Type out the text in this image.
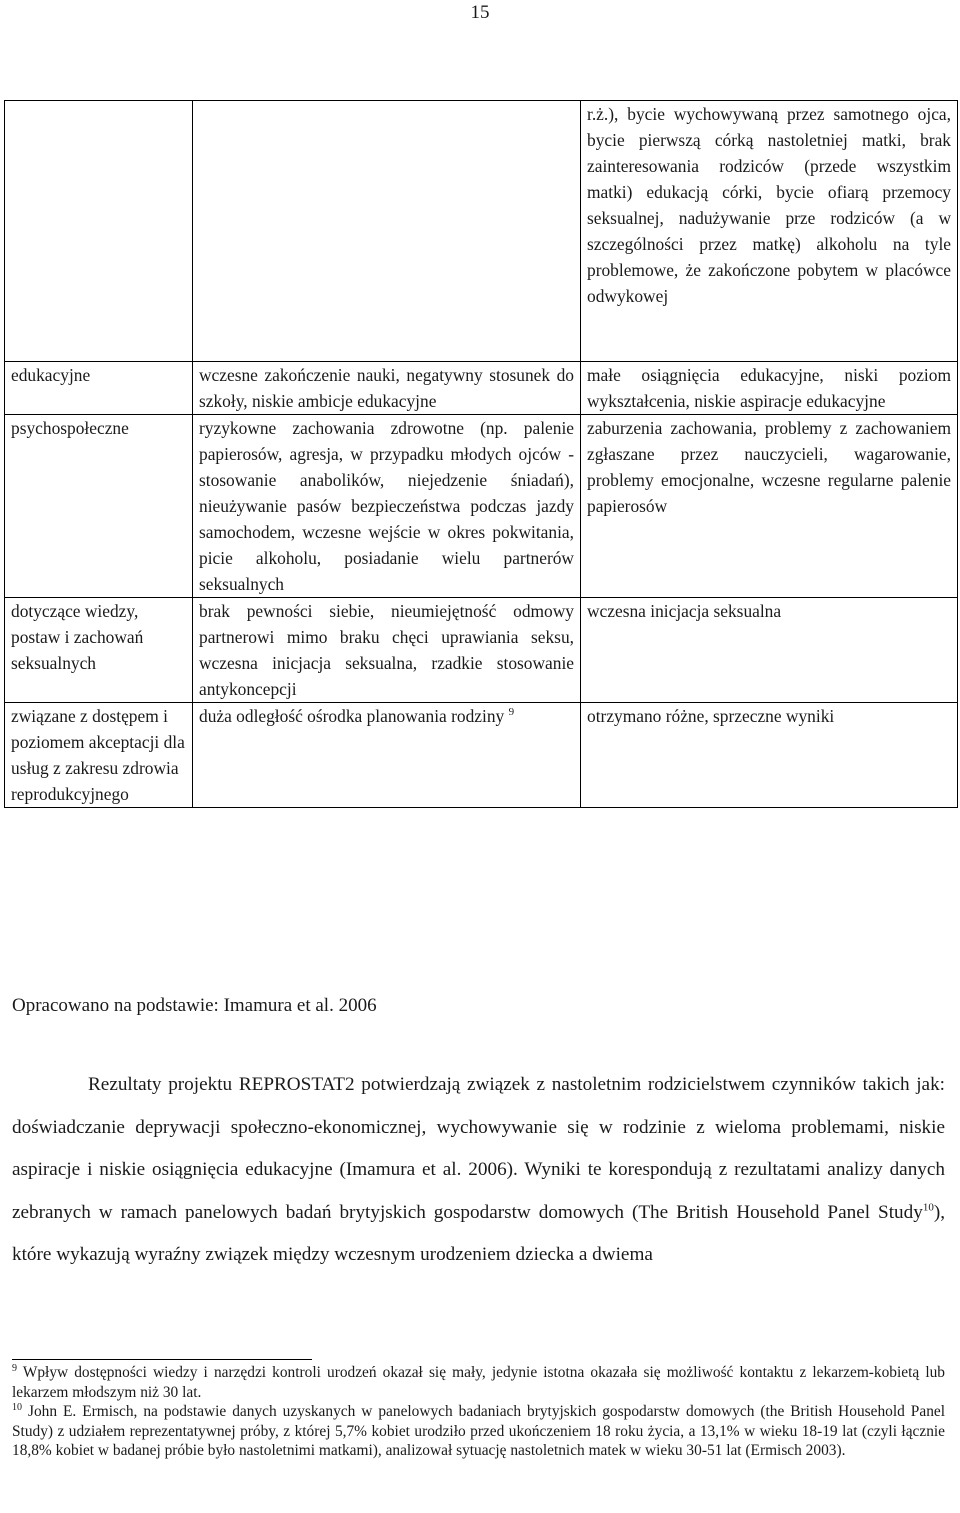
15
		r.ż.), bycie wychowywaną przez samotnego ojca, bycie pierwszą córką nastoletniej matki, brak zainteresowania rodziców (przede wszystkim matki) edukacją córki, bycie ofiarą przemocy seksualnej, nadużywanie prze rodziców (a w szczególności przez matkę) alkoholu na tyle problemowe, że zakończone pobytem w placówce odwykowej
edukacyjne	wczesne zakończenie nauki, negatywny stosunek do szkoły, niskie ambicje edukacyjne	małe osiągnięcia edukacyjne, niski poziom wykształcenia, niskie aspiracje edukacyjne
psychospołeczne	ryzykowne zachowania zdrowotne (np. palenie papierosów, agresja, w przypadku młodych ojców - stosowanie anabolików, niejedzenie śniadań), nieużywanie pasów bezpieczeństwa podczas jazdy samochodem, wczesne wejście w okres pokwitania, picie alkoholu, posiadanie wielu partnerów seksualnych	zaburzenia zachowania, problemy z zachowaniem zgłaszane przez nauczycieli, wagarowanie, problemy emocjonalne, wczesne regularne palenie papierosów
dotyczące wiedzy, postaw i zachowań seksualnych	brak pewności siebie, nieumiejętność odmowy partnerowi mimo braku chęci uprawiania seksu, wczesna inicjacja seksualna, rzadkie stosowanie antykoncepcji	wczesna inicjacja seksualna
związane z dostępem i poziomem akceptacji dla usług z zakresu zdrowia reprodukcyjnego	duża odległość ośrodka planowania rodziny $^9$	otrzymano różne, sprzeczne wyniki
Opracowano na podstawie: Imamura et al. 2006

Rezultaty projektu REPROSTAT2 potwierdzają związek z nastoletnim rodzicielstwem czynników takich jak: doświadczanie deprywacji społeczno-ekonomicznej, wychowywanie się w rodzinie z wieloma problemami, niskie aspiracje i niskie osiągnięcia edukacyjne (Imamura et al. 2006). Wyniki te korespondują z rezultatami analizy danych zebranych w ramach panelowych badań brytyjskich gospodarstw domowych (The British Household Panel Study$^{10}$), które wykazują wyraźny związek między wczesnym urodzeniem dziecka a dwiema

$^9$ Wpływ dostępności wiedzy i narzędzi kontroli urodzeń okazał się mały, jedynie istotna okazała się możliwość kontaktu z lekarzem-kobietą lub lekarzem młodszym niż 30 lat.

$^{10}$ John E. Ermisch, na podstawie danych uzyskanych w panelowych badaniach brytyjskich gospodarstw domowych (the British Household Panel Study) z udziałem reprezentatywnej próby, z której 5,7% kobiet urodziło przed ukończeniem 18 roku życia, a 13,1% w wieku 18-19 lat (czyli łącznie 18,8% kobiet w badanej próbie było nastoletnimi matkami), analizował sytuację nastoletnich matek w wieku 30-51 lat (Ermisch 2003).
